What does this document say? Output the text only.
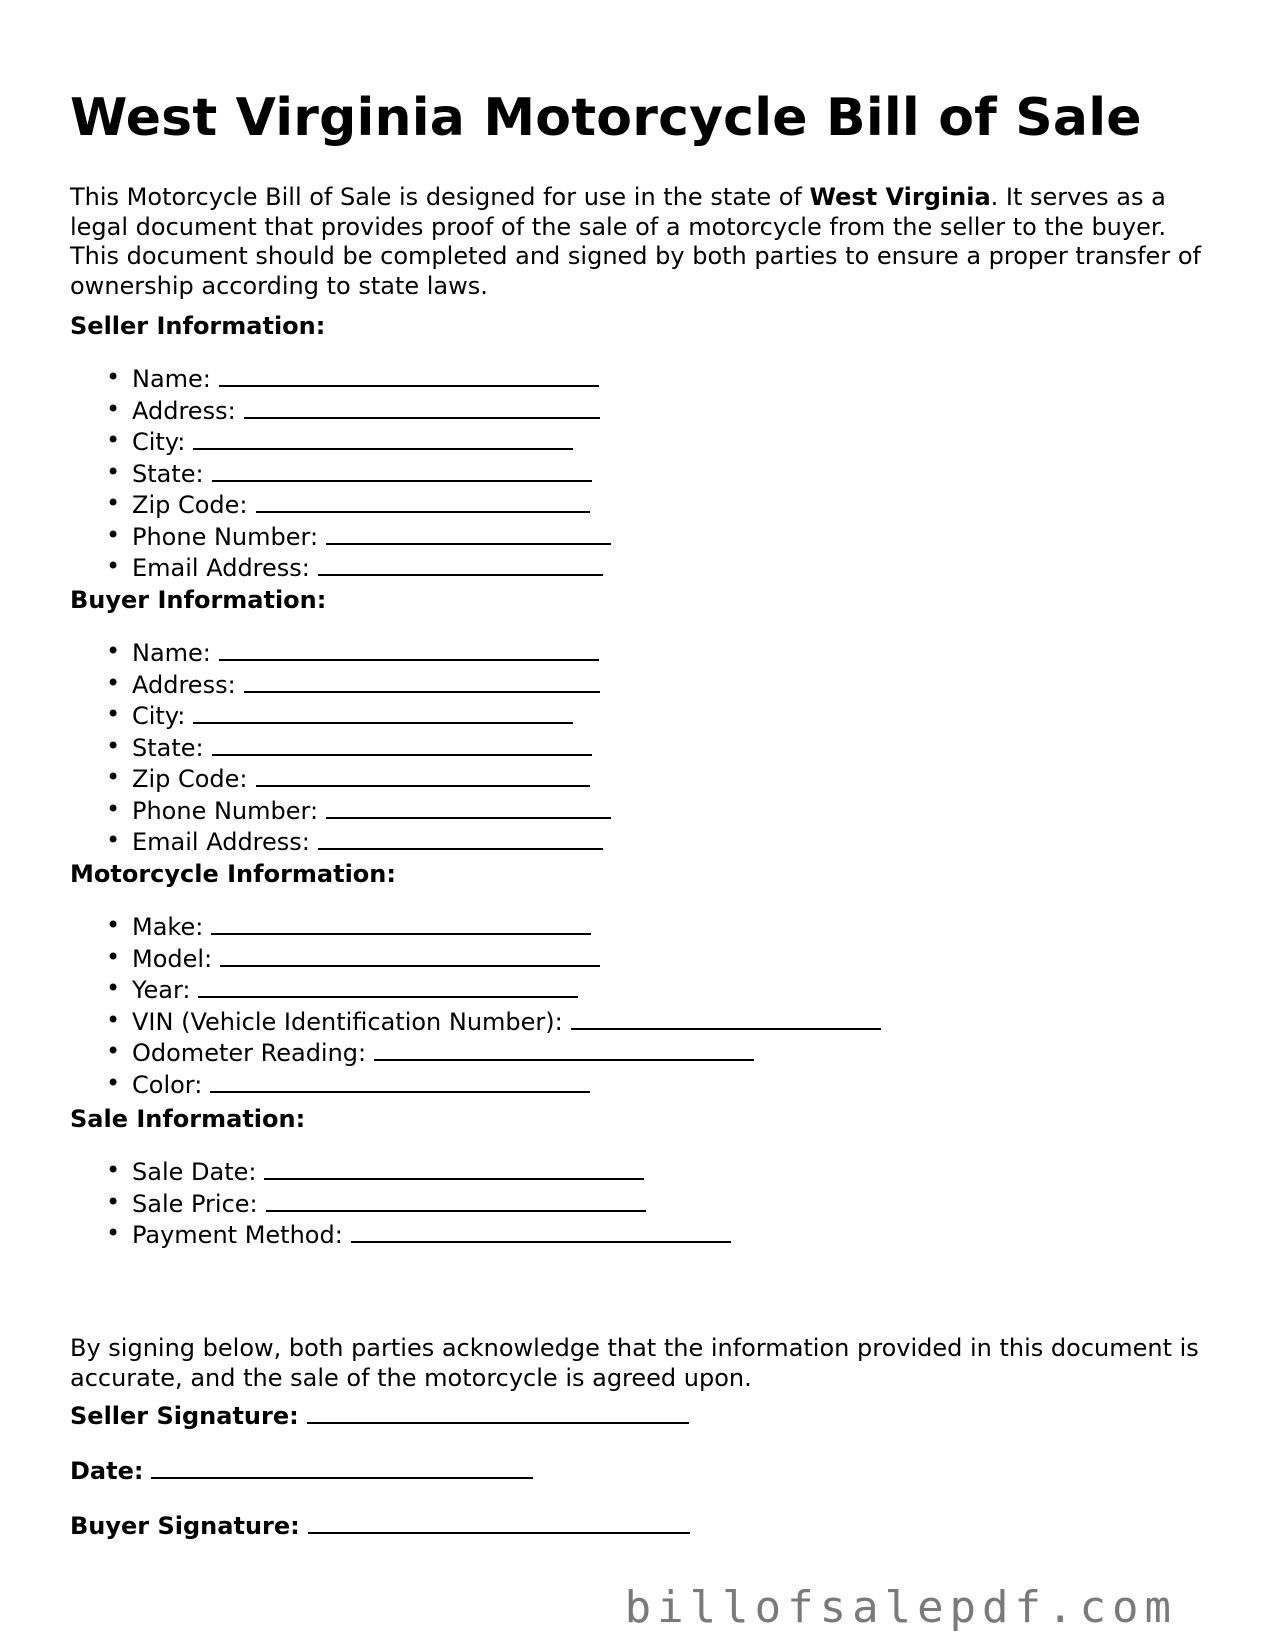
West Virginia Motorcycle Bill of Sale

This Motorcycle Bill of Sale is designed for use in the state of West Virginia. It serves as a legal document that provides proof of the sale of a motorcycle from the seller to the buyer. This document should be completed and signed by both parties to ensure a proper transfer of ownership according to state laws.

Seller Information:
• Name:
• Address:
• City:
• State:
• Zip Code:
• Phone Number:
• Email Address:
Buyer Information:
• Name:
• Address:
• City:
• State:
• Zip Code:
• Phone Number:
• Email Address:
Motorcycle Information:
• Make:
• Model:
• Year:
• VIN (Vehicle Identification Number):
• Odometer Reading:
• Color:
Sale Information:
• Sale Date:
• Sale Price:
• Payment Method:

By signing below, both parties acknowledge that the information provided in this document is accurate, and the sale of the motorcycle is agreed upon.

Seller Signature:
Date:
Buyer Signature:
billofsalepdf.com
